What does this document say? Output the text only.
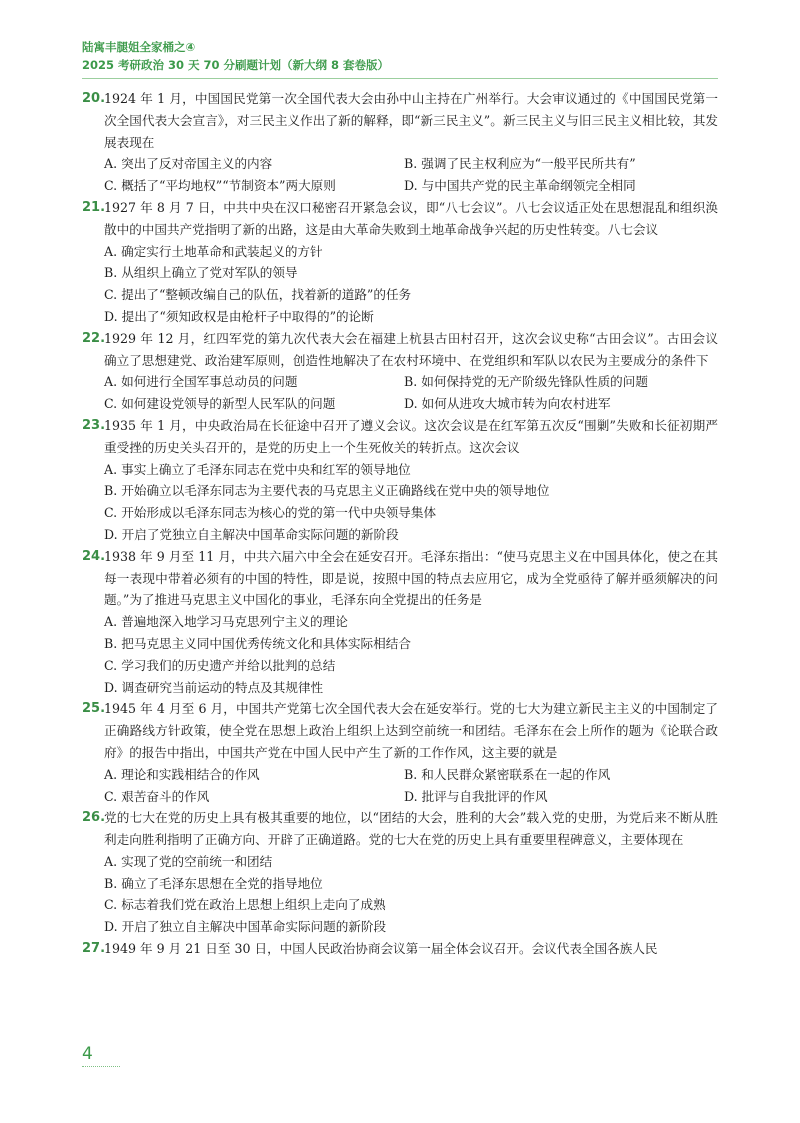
陆寓丰腿姐全家桶之④
2025 考研政治 30 天 70 分刷题计划（新大纲 8 套卷版）
20.
1924 年 1 月，中国国民党第一次全国代表大会由孙中山主持在广州举行。大会审议通过的《中国国民党第一次全国代表大会宣言》，对三民主义作出了新的解释，即“新三民主义”。新三民主义与旧三民主义相比较，其发展表现在
A. 突出了反对帝国主义的内容	B. 强调了民主权利应为“一般平民所共有”
C. 概括了“平均地权”“节制资本”两大原则	D. 与中国共产党的民主革命纲领完全相同
21.
1927 年 8 月 7 日，中共中央在汉口秘密召开紧急会议，即“八七会议”。八七会议适正处在思想混乱和组织涣散中的中国共产党指明了新的出路，这是由大革命失败到土地革命战争兴起的历史性转变。八七会议
A. 确定实行土地革命和武装起义的方针
B. 从组织上确立了党对军队的领导
C. 提出了“整顿改编自己的队伍，找着新的道路”的任务
D. 提出了“须知政权是由枪杆子中取得的”的论断
22.
1929 年 12 月，红四军党的第九次代表大会在福建上杭县古田村召开，这次会议史称“古田会议”。古田会议确立了思想建党、政治建军原则，创造性地解决了在农村环境中、在党组织和军队以农民为主要成分的条件下
A. 如何进行全国军事总动员的问题	B. 如何保持党的无产阶级先锋队性质的问题
C. 如何建设党领导的新型人民军队的问题	D. 如何从进攻大城市转为向农村进军
23.
1935 年 1 月，中央政治局在长征途中召开了遵义会议。这次会议是在红军第五次反“围剿”失败和长征初期严重受挫的历史关头召开的，是党的历史上一个生死攸关的转折点。这次会议
A. 事实上确立了毛泽东同志在党中央和红军的领导地位
B. 开始确立以毛泽东同志为主要代表的马克思主义正确路线在党中央的领导地位
C. 开始形成以毛泽东同志为核心的党的第一代中央领导集体
D. 开启了党独立自主解决中国革命实际问题的新阶段
24.
1938 年 9 月至 11 月，中共六届六中全会在延安召开。毛泽东指出：“使马克思主义在中国具体化，使之在其每一表现中带着必须有的中国的特性，即是说，按照中国的特点去应用它，成为全党亟待了解并亟须解决的问题。”为了推进马克思主义中国化的事业，毛泽东向全党提出的任务是
A. 普遍地深入地学习马克思列宁主义的理论
B. 把马克思主义同中国优秀传统文化和具体实际相结合
C. 学习我们的历史遗产并给以批判的总结
D. 调查研究当前运动的特点及其规律性
25.
1945 年 4 月至 6 月，中国共产党第七次全国代表大会在延安举行。党的七大为建立新民主主义的中国制定了正确路线方针政策，使全党在思想上政治上组织上达到空前统一和团结。毛泽东在会上所作的题为《论联合政府》的报告中指出，中国共产党在中国人民中产生了新的工作作风，这主要的就是
A. 理论和实践相结合的作风	B. 和人民群众紧密联系在一起的作风
C. 艰苦奋斗的作风	D. 批评与自我批评的作风
26.
党的七大在党的历史上具有极其重要的地位，以“团结的大会，胜利的大会”载入党的史册，为党后来不断从胜利走向胜利指明了正确方向、开辟了正确道路。党的七大在党的历史上具有重要里程碑意义，主要体现在
A. 实现了党的空前统一和团结
B. 确立了毛泽东思想在全党的指导地位
C. 标志着我们党在政治上思想上组织上走向了成熟
D. 开启了独立自主解决中国革命实际问题的新阶段
27.
1949 年 9 月 21 日至 30 日，中国人民政治协商会议第一届全体会议召开。会议代表全国各族人民
4
